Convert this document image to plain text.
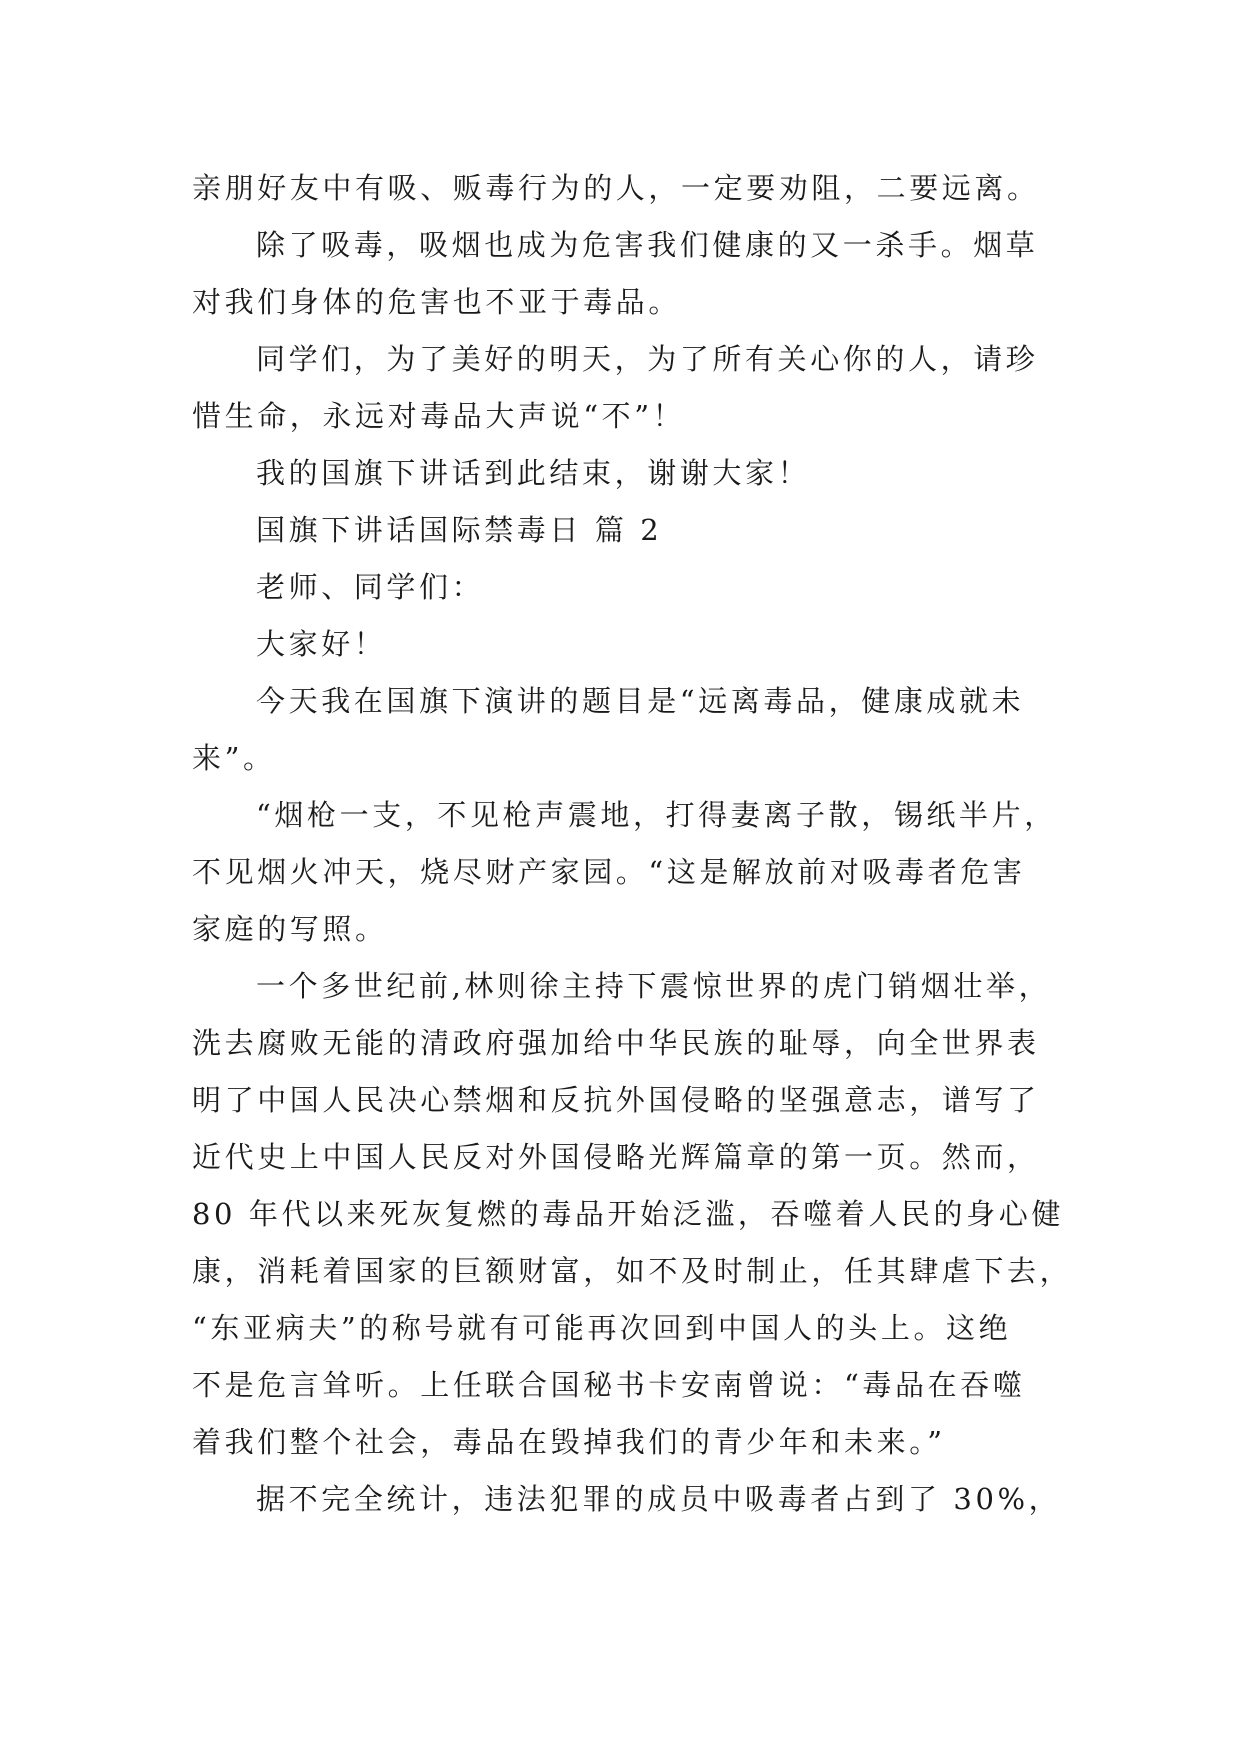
亲朋好友中有吸、贩毒行为的人，一定要劝阻，二要远离。
除了吸毒，吸烟也成为危害我们健康的又一杀手。烟草
对我们身体的危害也不亚于毒品。
同学们，为了美好的明天，为了所有关心你的人，请珍
惜生命，永远对毒品大声说“不”！
我的国旗下讲话到此结束，谢谢大家！
国旗下讲话国际禁毒日 篇 2
老师、同学们：
大家好！
今天我在国旗下演讲的题目是“远离毒品，健康成就未
来”。
“烟枪一支，不见枪声震地，打得妻离子散，锡纸半片，
不见烟火冲天，烧尽财产家园。“这是解放前对吸毒者危害
家庭的写照。
一个多世纪前,林则徐主持下震惊世界的虎门销烟壮举，
洗去腐败无能的清政府强加给中华民族的耻辱，向全世界表
明了中国人民决心禁烟和反抗外国侵略的坚强意志，谱写了
近代史上中国人民反对外国侵略光辉篇章的第一页。然而，
80 年代以来死灰复燃的毒品开始泛滥，吞噬着人民的身心健
康，消耗着国家的巨额财富，如不及时制止，任其肆虐下去，
“东亚病夫”的称号就有可能再次回到中国人的头上。这绝
不是危言耸听。上任联合国秘书卡安南曾说：“毒品在吞噬
着我们整个社会，毒品在毁掉我们的青少年和未来。”
据不完全统计，违法犯罪的成员中吸毒者占到了 30%，
